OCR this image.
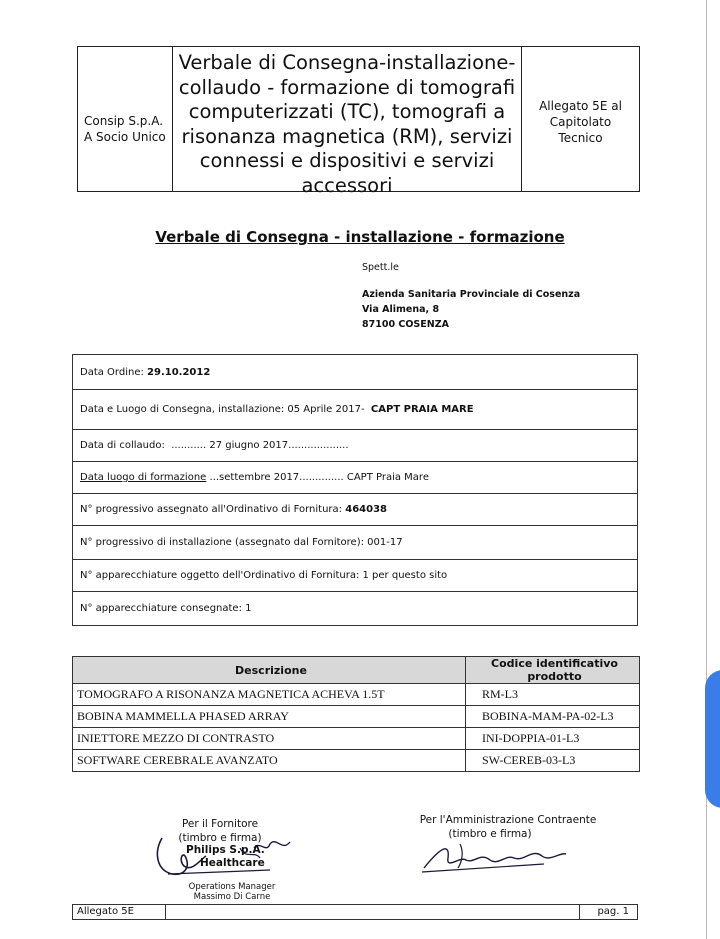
Consip S.p.A.
A Socio Unico
Verbale di Consegna-installazione-
collaudo - formazione di tomografi
computerizzati (TC), tomografi a
risonanza magnetica (RM), servizi
connessi e dispositivi e servizi
accessori
Allegato 5E al
Capitolato
Tecnico
Verbale di Consegna - installazione - formazione
Spett.le
Azienda Sanitaria Provinciale di Cosenza
Via Alimena, 8
87100 COSENZA
Data Ordine:
29.10.2012
Data e Luogo di Consegna, installazione: 05 Aprile 2017-
CAPT PRAIA MARE
Data di collaudo:
........... 27 giugno 2017...................
Data luogo di formazione
...settembre 2017..............
CAPT Praia Mare
N° progressivo assegnato all'Ordinativo di Fornitura:
464038
N° progressivo di installazione (assegnato dal Fornitore): 001-17
N° apparecchiature oggetto dell'Ordinativo di Fornitura: 1 per questo sito
N° apparecchiature consegnate: 1
Descrizione	Codice identificativo prodotto
TOMOGRAFO A RISONANZA MAGNETICA ACHEVA 1.5T	RM-L3
BOBINA MAMMELLA PHASED ARRAY	BOBINA-MAM-PA-02-L3
INIETTORE MEZZO DI CONTRASTO	INI-DOPPIA-01-L3
SOFTWARE CEREBRALE AVANZATO	SW-CEREB-03-L3
Per il Fornitore
(timbro e firma)
Philips S.p.A.
Healthcare
Operations Manager
Massimo Di Carne
Per l'Amministrazione Contraente
(timbro e firma)
Allegato 5E	pag. 1
